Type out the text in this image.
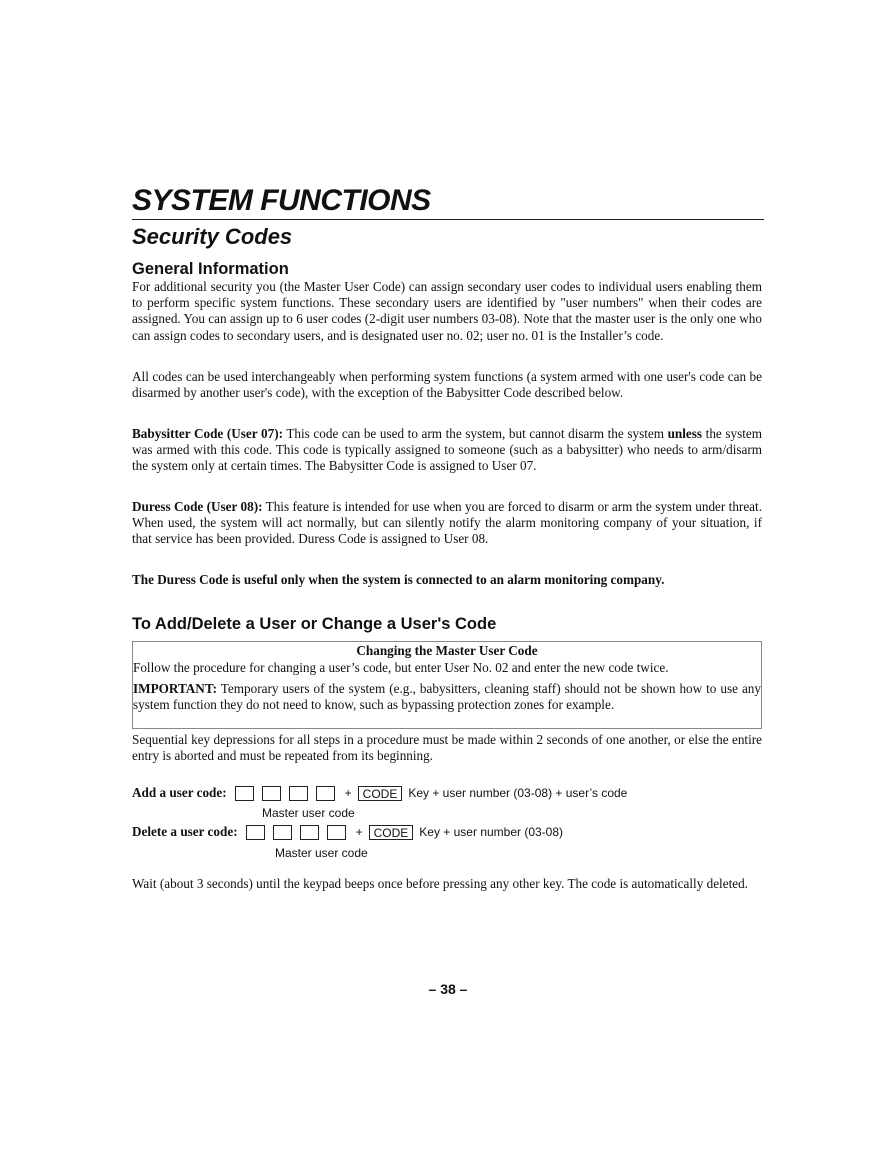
SYSTEM FUNCTIONS
Security Codes
General Information

For additional security you (the Master User Code) can assign secondary user codes to individual users enabling them to perform specific system functions. These secondary users are identified by "user numbers" when their codes are assigned. You can assign up to 6 user codes (2-digit user numbers 03-08). Note that the master user is the only one who can assign codes to secondary users, and is designated user no. 02; user no. 01 is the Installer’s code.

All codes can be used interchangeably when performing system functions (a system armed with one user's code can be disarmed by another user's code), with the exception of the Babysitter Code described below.

Babysitter Code (User 07): This code can be used to arm the system, but cannot disarm the system unless the system was armed with this code. This code is typically assigned to someone (such as a babysitter) who needs to arm/disarm the system only at certain times. The Babysitter Code is assigned to User 07.

Duress Code (User 08): This feature is intended for use when you are forced to disarm or arm the system under threat. When used, the system will act normally, but can silently notify the alarm monitoring company of your situation, if that service has been provided. Duress Code is assigned to User 08.

The Duress Code is useful only when the system is connected to an alarm monitoring company.

To Add/Delete a User or Change a User's Code
Changing the Master User Code
Follow the procedure for changing a user’s code, but enter User No. 02 and enter the new code twice.
IMPORTANT: Temporary users of the system (e.g., babysitters, cleaning staff) should not be shown how to use any system function they do not need to know, such as bypassing protection zones for example.

Sequential key depressions for all steps in a procedure must be made within 2 seconds of one another, or else the entire entry is aborted and must be repeated from its beginning.

Add a user code:	+ CODE Key + user number (03-08) + user’s code
Master user code
Delete a user code:	+ CODE Key + user number (03-08)
Master user code

Wait (about 3 seconds) until the keypad beeps once before pressing any other key. The code is automatically deleted.

– 38 –
